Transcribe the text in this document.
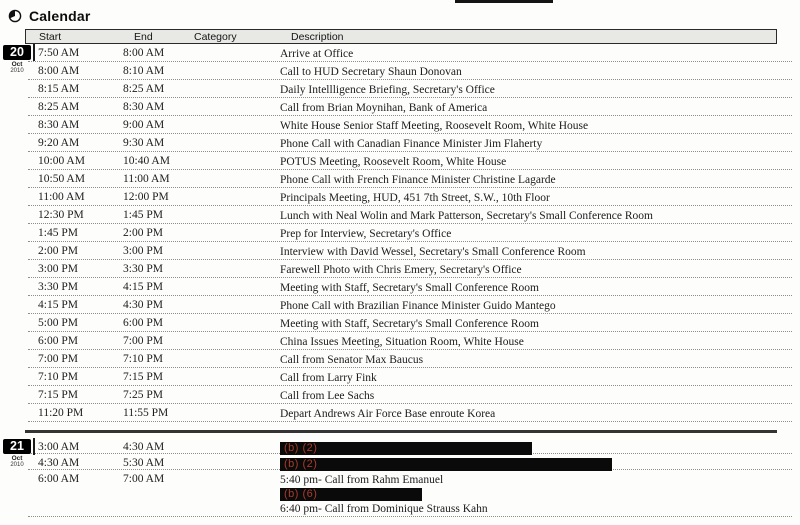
Calendar
Start	End	Category	Description
20
Oct
2010
7:50 AM	8:00 AM	Arrive at Office
8:00 AM	8:10 AM	Call to HUD Secretary Shaun Donovan
8:15 AM	8:25 AM	Daily Intellligence Briefing, Secretary's Office
8:25 AM	8:30 AM	Call from Brian Moynihan, Bank of America
8:30 AM	9:00 AM	White House Senior Staff Meeting, Roosevelt Room, White House
9:20 AM	9:30 AM	Phone Call with Canadian Finance Minister Jim Flaherty
10:00 AM	10:40 AM	POTUS Meeting, Roosevelt Room, White House
10:50 AM	11:00 AM	Phone Call with French Finance Minister Christine Lagarde
11:00 AM	12:00 PM	Principals Meeting, HUD, 451 7th Street, S.W., 10th Floor
12:30 PM	1:45 PM	Lunch with Neal Wolin and Mark Patterson, Secretary's Small Conference Room
1:45 PM	2:00 PM	Prep for Interview, Secretary's Office
2:00 PM	3:00 PM	Interview with David Wessel, Secretary's Small Conference Room
3:00 PM	3:30 PM	Farewell Photo with Chris Emery, Secretary's Office
3:30 PM	4:15 PM	Meeting with Staff, Secretary's Small Conference Room
4:15 PM	4:30 PM	Phone Call with Brazilian Finance Minister Guido Mantego
5:00 PM	6:00 PM	Meeting with Staff, Secretary's Small Conference Room
6:00 PM	7:00 PM	China Issues Meeting, Situation Room, White House
7:00 PM	7:10 PM	Call from Senator Max Baucus
7:10 PM	7:15 PM	Call from Larry Fink
7:15 PM	7:25 PM	Call from Lee Sachs
11:20 PM	11:55 PM	Depart Andrews Air Force Base enroute Korea
21
Oct
2010
3:00 AM	4:30 AM	(b) (2)
4:30 AM	5:30 AM	(b) (2)
6:00 AM	7:00 AM	5:40 pm- Call from Rahm Emanuel
(b) (6)
6:40 pm- Call from Dominique Strauss Kahn
